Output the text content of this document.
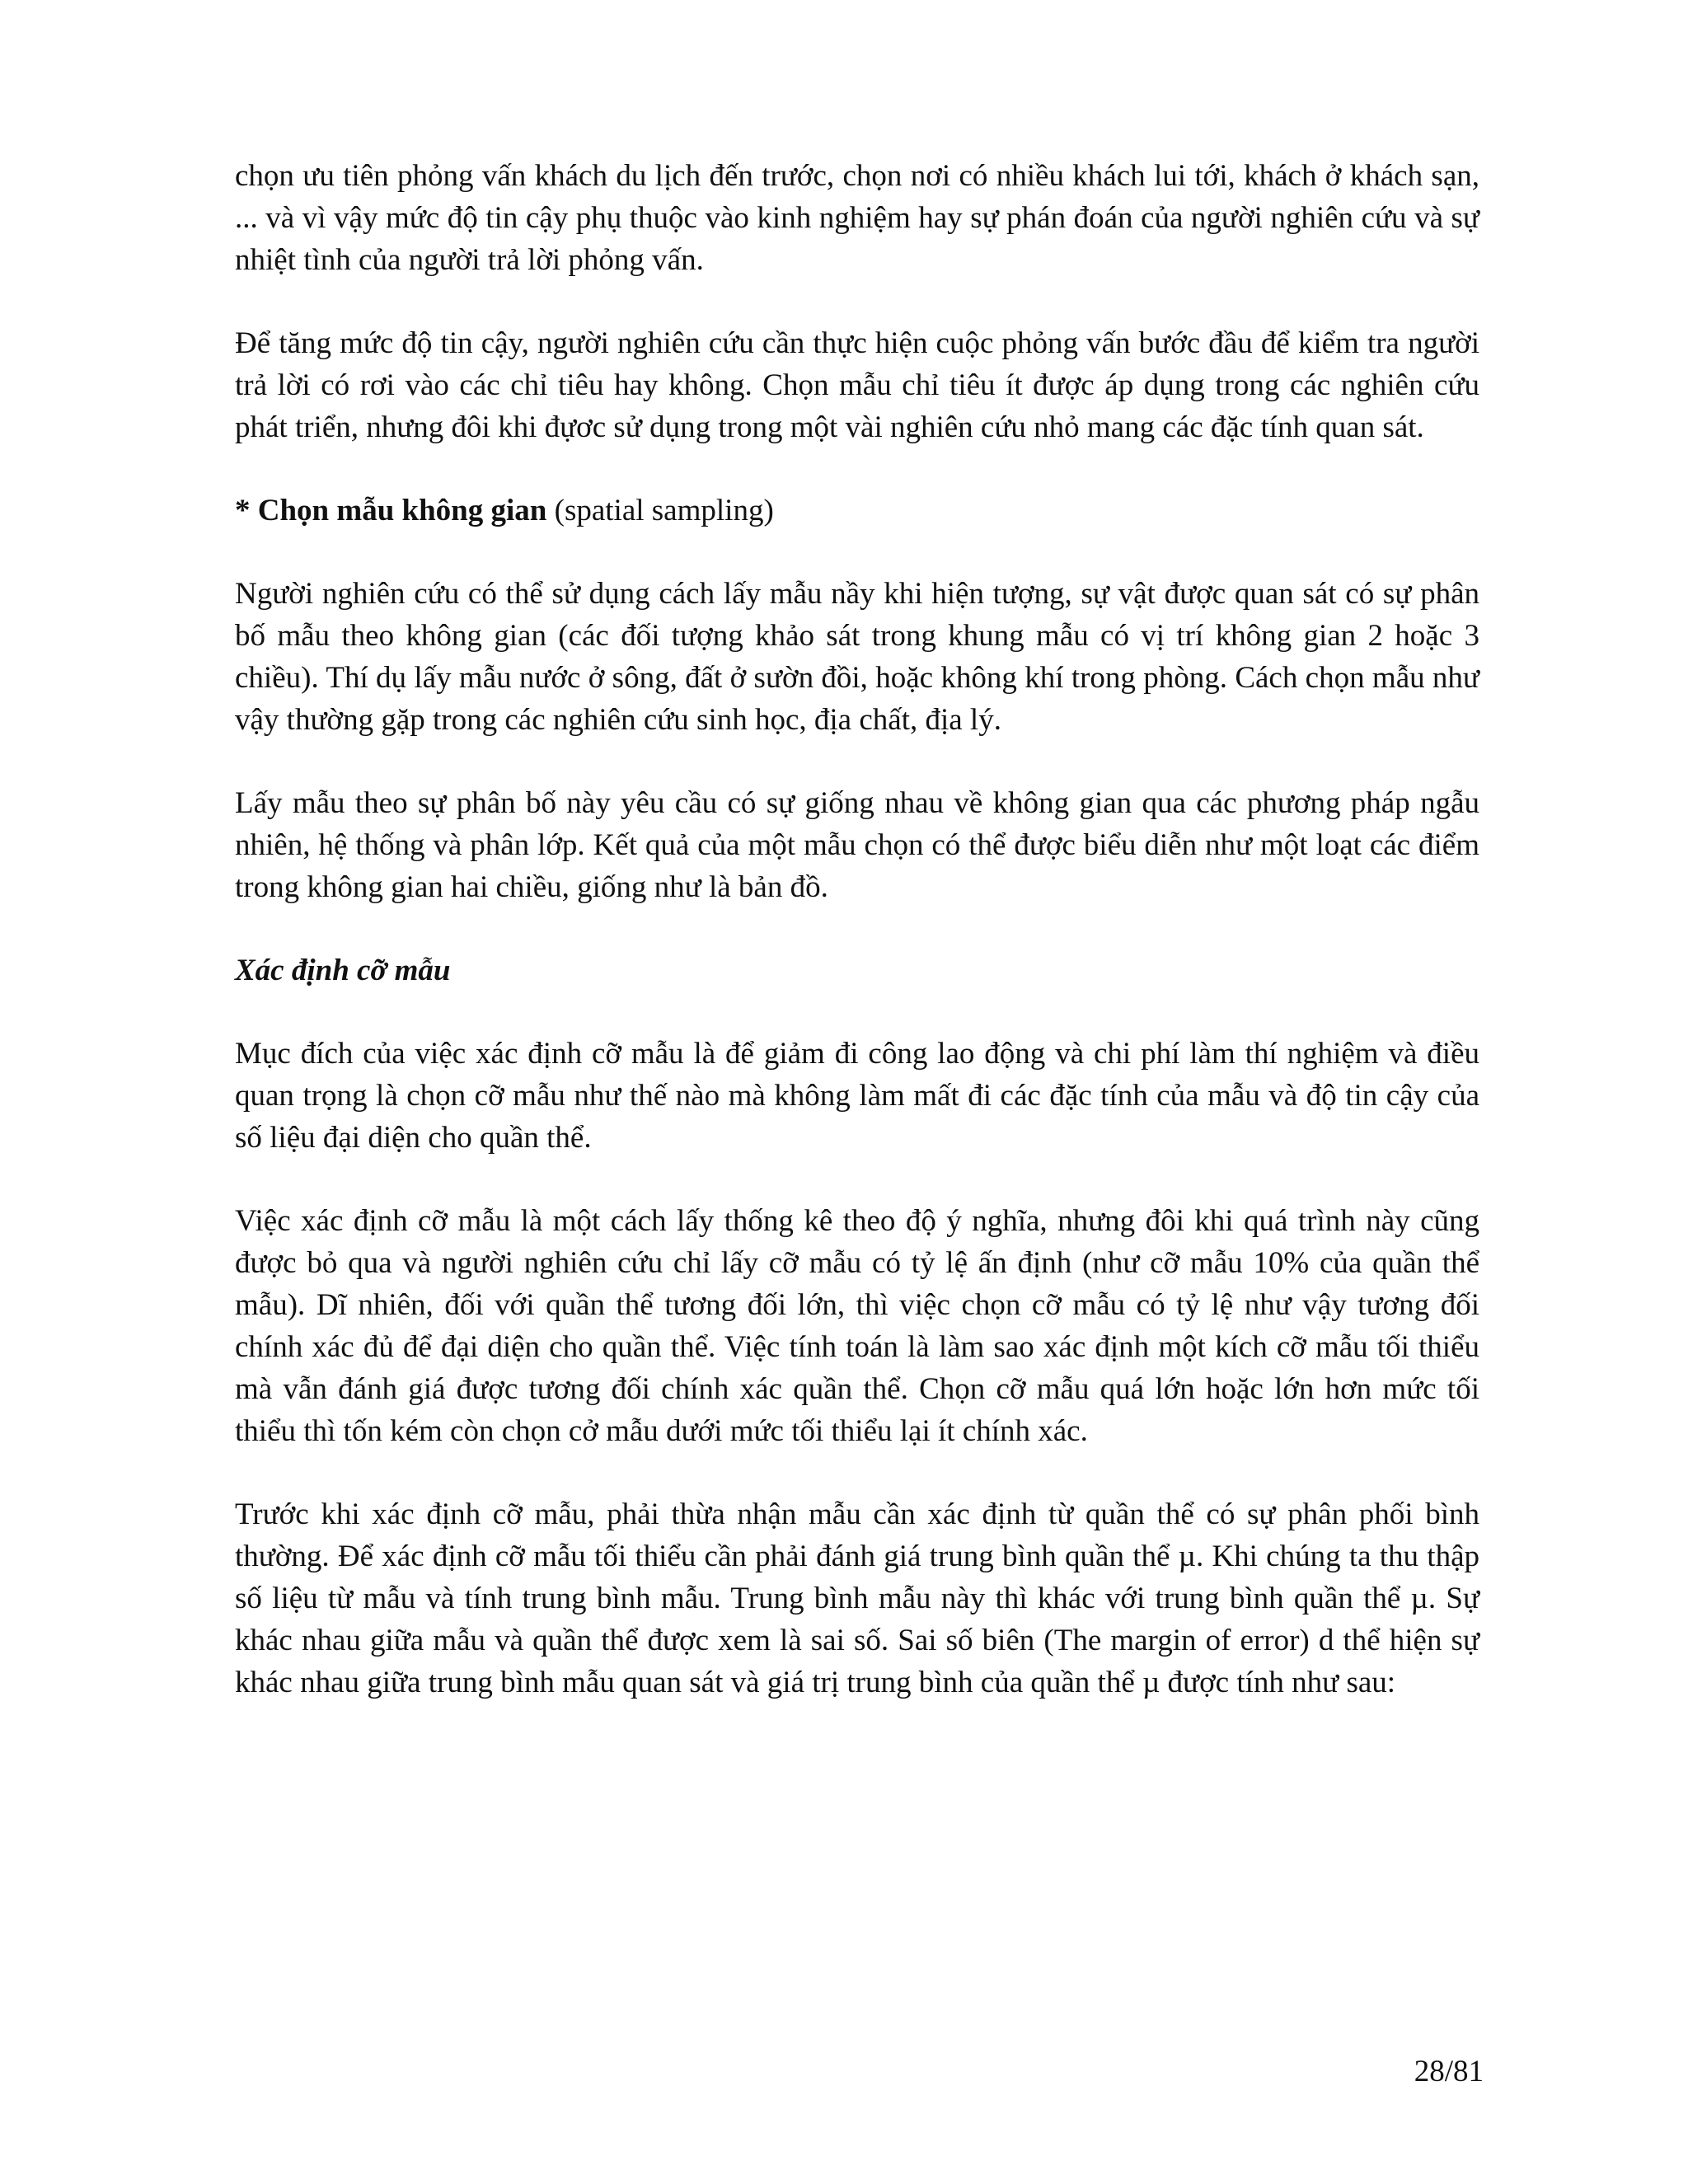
chọn ưu tiên phỏng vấn khách du lịch đến trước, chọn nơi có nhiều khách lui tới, khách ở khách sạn, ... và vì vậy mức độ tin cậy phụ thuộc vào kinh nghiệm hay sự phán đoán của người nghiên cứu và sự nhiệt tình của người trả lời phỏng vấn.

Để tăng mức độ tin cậy, người nghiên cứu cần thực hiện cuộc phỏng vấn bước đầu để kiểm tra người trả lời có rơi vào các chỉ tiêu hay không. Chọn mẫu chỉ tiêu ít được áp dụng trong các nghiên cứu phát triển, nhưng đôi khi đựơc sử dụng trong một vài nghiên cứu nhỏ mang các đặc tính quan sát.

* Chọn mẫu không gian (spatial sampling)

Người nghiên cứu có thể sử dụng cách lấy mẫu nầy khi hiện tượng, sự vật được quan sát có sự phân bố mẫu theo không gian (các đối tượng khảo sát trong khung mẫu có vị trí không gian 2 hoặc 3 chiều). Thí dụ lấy mẫu nước ở sông, đất ở sườn đồi, hoặc không khí trong phòng. Cách chọn mẫu như vậy thường gặp trong các nghiên cứu sinh học, địa chất, địa lý.

Lấy mẫu theo sự phân bố này yêu cầu có sự giống nhau về không gian qua các phương pháp ngẫu nhiên, hệ thống và phân lớp. Kết quả của một mẫu chọn có thể được biểu diễn như một loạt các điểm trong không gian hai chiều, giống như là bản đồ.

Xác định cỡ mẫu

Mục đích của việc xác định cỡ mẫu là để giảm đi công lao động và chi phí làm thí nghiệm và điều quan trọng là chọn cỡ mẫu như thế nào mà không làm mất đi các đặc tính của mẫu và độ tin cậy của số liệu đại diện cho quần thể.

Việc xác định cỡ mẫu là một cách lấy thống kê theo độ ý nghĩa, nhưng đôi khi quá trình này cũng được bỏ qua và người nghiên cứu chỉ lấy cỡ mẫu có tỷ lệ ấn định (như cỡ mẫu 10% của quần thể mẫu). Dĩ nhiên, đối với quần thể tương đối lớn, thì việc chọn cỡ mẫu có tỷ lệ như vậy tương đối chính xác đủ để đại diện cho quần thể. Việc tính toán là làm sao xác định một kích cỡ mẫu tối thiểu mà vẫn đánh giá được tương đối chính xác quần thể. Chọn cỡ mẫu quá lớn hoặc lớn hơn mức tối thiểu thì tốn kém còn chọn cở mẫu dưới mức tối thiểu lại ít chính xác.

Trước khi xác định cỡ mẫu, phải thừa nhận mẫu cần xác định từ quần thể có sự phân phối bình thường. Để xác định cỡ mẫu tối thiểu cần phải đánh giá trung bình quần thể µ. Khi chúng ta thu thập số liệu từ mẫu và tính trung bình mẫu. Trung bình mẫu này thì khác với trung bình quần thể µ. Sự khác nhau giữa mẫu và quần thể được xem là sai số. Sai số biên (The margin of error) d thể hiện sự khác nhau giữa trung bình mẫu quan sát và giá trị trung bình của quần thể µ được tính như sau:

28/81
